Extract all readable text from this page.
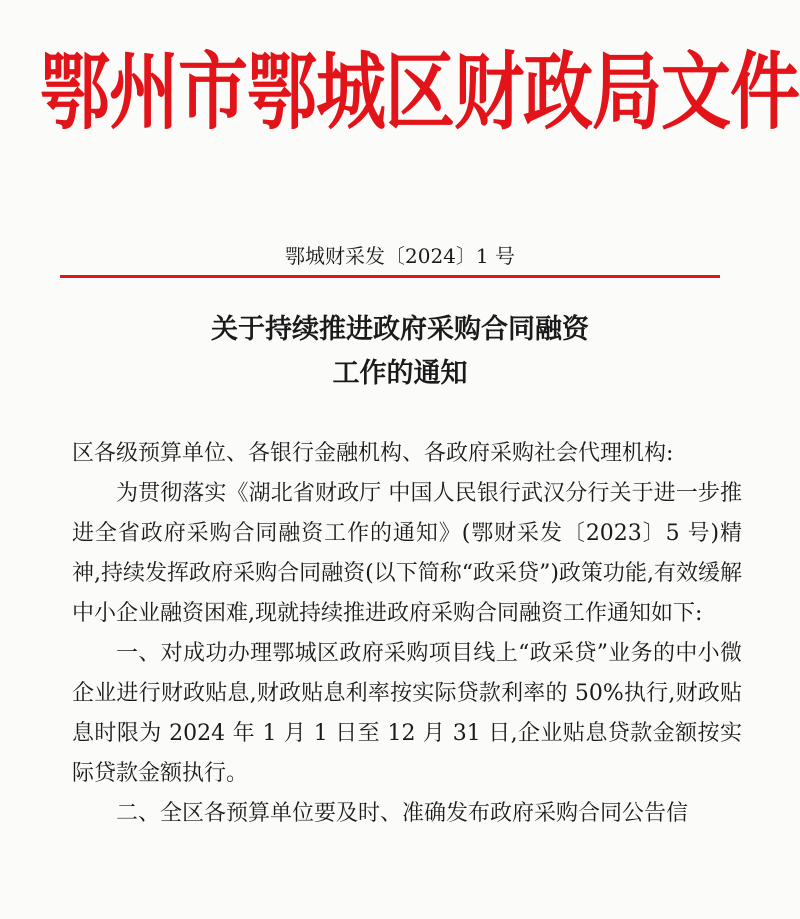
鄂州市鄂城区财政局文件
鄂城财采发〔2024〕1 号
关于持续推进政府采购合同融资
工作的通知

区各级预算单位、各银行金融机构、各政府采购社会代理机构:

为贯彻落实《湖北省财政厅 中国人民银行武汉分行关于进一步推进全省政府采购合同融资工作的通知》(鄂财采发〔2023〕5 号)精神,持续发挥政府采购合同融资(以下简称“政采贷”)政策功能,有效缓解中小企业融资困难,现就持续推进政府采购合同融资工作通知如下:

一、对成功办理鄂城区政府采购项目线上“政采贷”业务的中小微企业进行财政贴息,财政贴息利率按实际贷款利率的 50%执行,财政贴息时限为 2024 年 1 月 1 日至 12 月 31 日,企业贴息贷款金额按实际贷款金额执行。

二、全区各预算单位要及时、准确发布政府采购合同公告信
